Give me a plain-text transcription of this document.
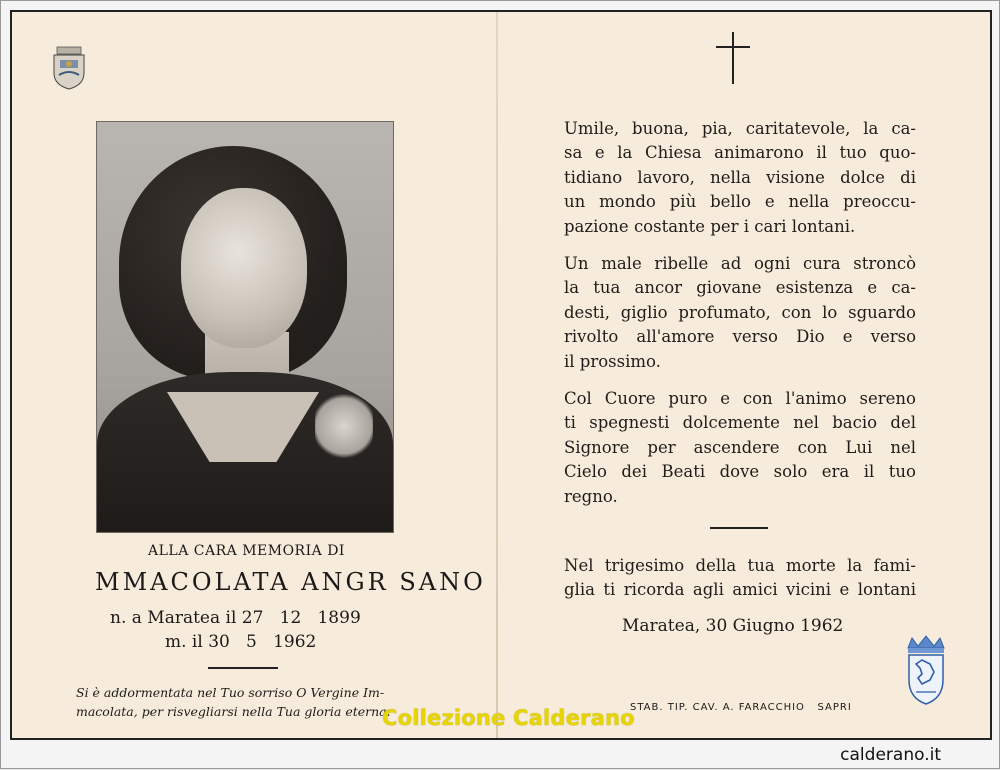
ALLA CARA MEMORIA DI
MMACOLATA ANGR SANO
n. a Maratea il 27   12   1899
m. il 30   5   1962
Si è addormentata nel Tuo sorriso O Vergine Im-
macolata, per risvegliarsi nella Tua gloria eterna.
Umile, buona, pia, caritatevole, la ca-
sa e la Chiesa animarono il tuo quo-
tidiano lavoro, nella visione dolce di
un mondo più bello e nella preoccu-
pazione costante per i cari lontani.
Un male ribelle ad ogni cura stroncò
la tua ancor giovane esistenza e ca-
desti, giglio profumato, con lo sguardo
rivolto all'amore verso Dio e verso
il prossimo.
Col Cuore puro e con l'animo sereno
ti spegnesti dolcemente nel bacio del
Signore per ascendere con Lui nel
Cielo dei Beati dove solo era il tuo
regno.
Nel trigesimo della tua morte la fami-
glia ti ricorda agli amici vicini e lontani
Maratea, 30 Giugno 1962
STAB. TIP. CAV. A. FARACCHIO   SAPRI
Collezione Calderano
calderano.it
